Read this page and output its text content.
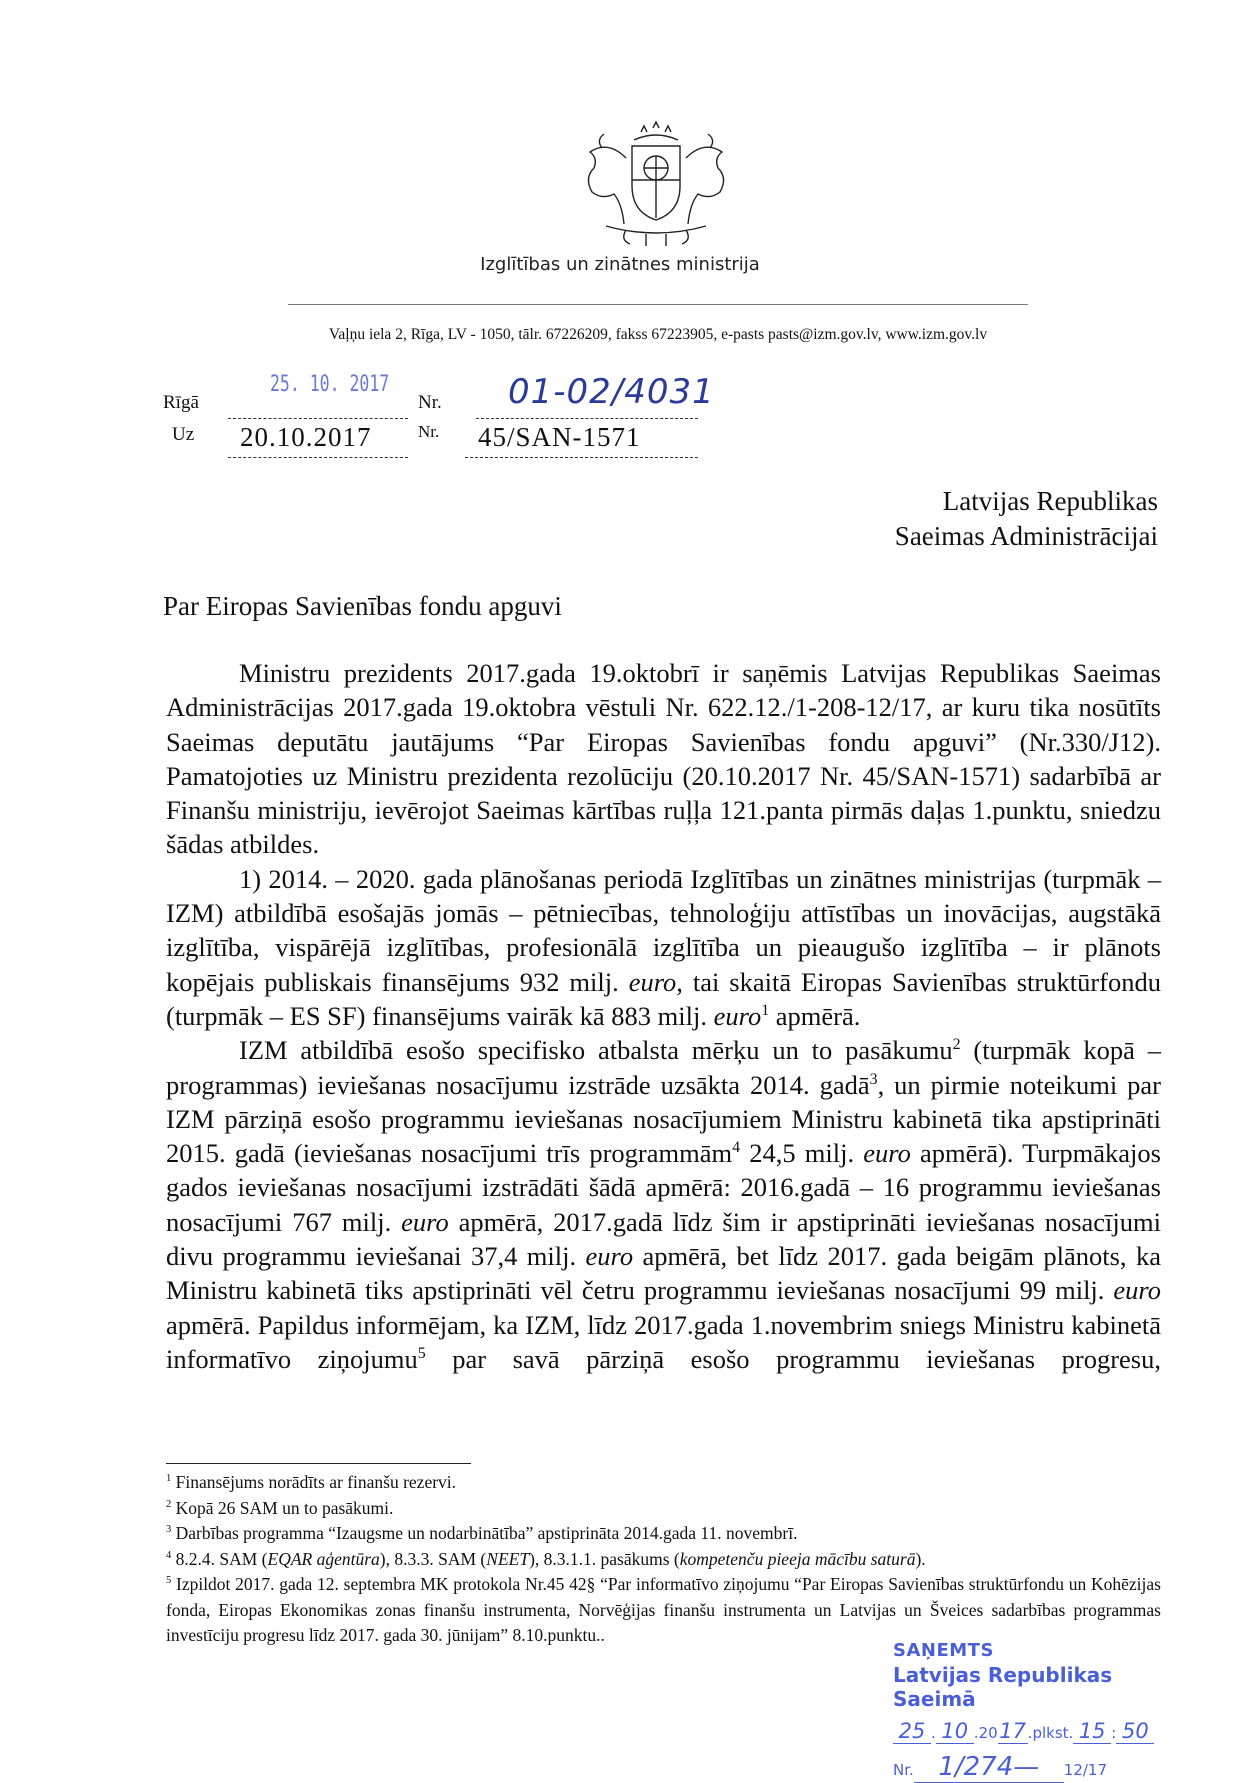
Izglītības un zinātnes ministrija
Vaļņu iela 2, Rīga, LV - 1050, tālr. 67226209, fakss 67223905, e-pasts pasts@izm.gov.lv, www.izm.gov.lv
Rīgā
25. 10. 2017
Nr. 01-02/4031
Uz 20.10.2017	Nr. 45/SAN-1571
Latvijas Republikas
Saeimas Administrācijai
Par Eiropas Savienības fondu apguvi

Ministru prezidents 2017.gada 19.oktobrī ir saņēmis Latvijas Republikas Saeimas Administrācijas 2017.gada 19.oktobra vēstuli Nr. 622.12./1-208-12/17, ar kuru tika nosūtīts Saeimas deputātu jautājums “Par Eiropas Savienības fondu apguvi” (Nr.330/J12). Pamatojoties uz Ministru prezidenta rezolūciju (20.10.2017 Nr. 45/SAN-1571) sadarbībā ar Finanšu ministriju, ievērojot Saeimas kārtības ruļļa 121.panta pirmās daļas 1.punktu, sniedzu šādas atbildes.

1) 2014. – 2020. gada plānošanas periodā Izglītības un zinātnes ministrijas (turpmāk – IZM) atbildībā esošajās jomās – pētniecības, tehnoloģiju attīstības un inovācijas, augstākā izglītība, vispārējā izglītības, profesionālā izglītība un pieaugušo izglītība – ir plānots kopējais publiskais finansējums 932 milj. euro, tai skaitā Eiropas Savienības struktūrfondu (turpmāk – ES SF) finansējums vairāk kā 883 milj. euro$^1$ apmērā.

IZM atbildībā esošo specifisko atbalsta mērķu un to pasākumu$^2$ (turpmāk kopā – programmas) ieviešanas nosacījumu izstrāde uzsākta 2014. gadā$^3$, un pirmie noteikumi par IZM pārziņā esošo programmu ieviešanas nosacījumiem Ministru kabinetā tika apstiprināti 2015. gadā (ieviešanas nosacījumi trīs programmām$^4$ 24,5 milj. euro apmērā). Turpmākajos gados ieviešanas nosacījumi izstrādāti šādā apmērā: 2016.gadā – 16 programmu ieviešanas nosacījumi 767 milj. euro apmērā, 2017.gadā līdz šim ir apstiprināti ieviešanas nosacījumi divu programmu ieviešanai 37,4 milj. euro apmērā, bet līdz 2017. gada beigām plānots, ka Ministru kabinetā tiks apstiprināti vēl četru programmu ieviešanas nosacījumi 99 milj. euro apmērā. Papildus informējam, ka IZM, līdz 2017.gada 1.novembrim sniegs Ministru kabinetā informatīvo ziņojumu$^5$ par savā pārziņā esošo programmu ieviešanas progresu,

$^1$ Finansējums norādīts ar finanšu rezervi.
$^2$ Kopā 26 SAM un to pasākumi.
$^3$ Darbības programma “Izaugsme un nodarbinātība” apstiprināta 2014.gada 11. novembrī.
$^4$ 8.2.4. SAM (EQAR aģentūra), 8.3.3. SAM (NEET), 8.3.1.1. pasākums (kompetenču pieeja mācību saturā).
$^5$ Izpildot 2017. gada 12. septembra MK protokola Nr.45 42§ “Par informatīvo ziņojumu “Par Eiropas Savienības struktūrfondu un Kohēzijas fonda, Eiropas Ekonomikas zonas finanšu instrumenta, Norvēģijas finanšu instrumenta un Latvijas un Šveices sadarbības programmas investīciju progresu līdz 2017. gada 30. jūnijam” 8.10.punktu..
SAŅEMTS
Latvijas Republikas Saeimā
25 . 10 .2017 .plkst. 15 : 50
Nr. 1/274— 12/17
